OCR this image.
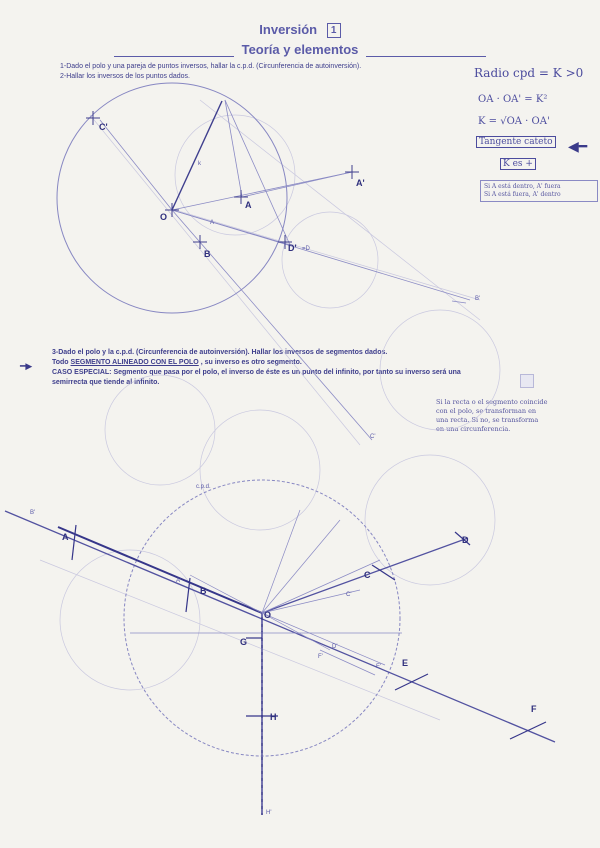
Inversión 1
Teoría y elementos
1-Dado el polo y una pareja de puntos inversos, hallar la c.p.d. (Circunferencia de autoinversión).
2-Hallar los inversos de los puntos dados.	Radio cpd = K >0
OA · OA' = K²
K = √OA · OA'
Tangente cateto ◀━
K es +
Si A está dentro, A' fuera
Si A está fuera, A' dentro
3-Dado el polo y la c.p.d. (Circunferencia de autoinversión). Hallar los inversos de segmentos dados.
Todo SEGMENTO ALINEADO CON EL POLO , su inverso es otro segmento.
CASO ESPECIAL: Segmento que pasa por el polo, el inverso de éste es un punto del infinito, por tanto su inverso será una
semirrecta que tiende al infinito.
Si la recta o el segmento coincide
con el polo, se transforman en
una recta. Si no, se transforma
en una circunferencia.
━▶
C'
O
A
A'
B
D' =D
k
B'
A
C'
G
O
A
B
C
D
E
F
H
c.p.d.
B'
A'
C'
D'
E'
F'
H'
